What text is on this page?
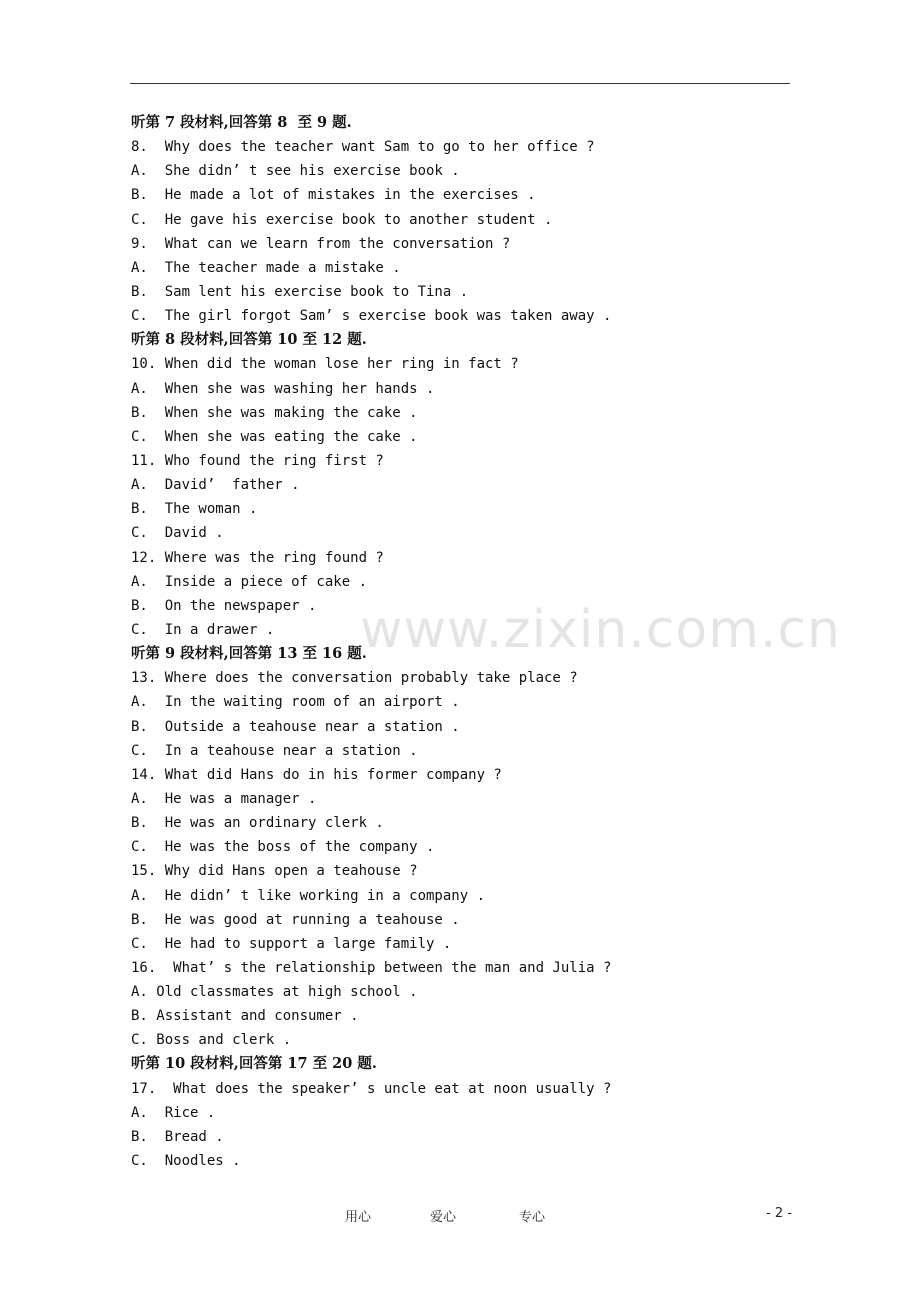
www.zixin.com.cn
听第 7 段材料,回答第 8  至 9 题.
8.  Why does the teacher want Sam to go to her office ?
A.  She didn’ t see his exercise book .
B.  He made a lot of mistakes in the exercises .
C.  He gave his exercise book to another student .
9.  What can we learn from the conversation ?
A.  The teacher made a mistake .
B.  Sam lent his exercise book to Tina .
C.  The girl forgot Sam’ s exercise book was taken away .
听第 8 段材料,回答第 10 至 12 题.
10. When did the woman lose her ring in fact ?
A.  When she was washing her hands .
B.  When she was making the cake .
C.  When she was eating the cake .
11. Who found the ring first ?
A.  David’  father .
B.  The woman .
C.  David .
12. Where was the ring found ?
A.  Inside a piece of cake .
B.  On the newspaper .
C.  In a drawer .
听第 9 段材料,回答第 13 至 16 题.
13. Where does the conversation probably take place ?
A.  In the waiting room of an airport .
B.  Outside a teahouse near a station .
C.  In a teahouse near a station .
14. What did Hans do in his former company ?
A.  He was a manager .
B.  He was an ordinary clerk .
C.  He was the boss of the company .
15. Why did Hans open a teahouse ?
A.  He didn’ t like working in a company .
B.  He was good at running a teahouse .
C.  He had to support a large family .
16.  What’ s the relationship between the man and Julia ?
A. Old classmates at high school .
B. Assistant and consumer .
C. Boss and clerk .
听第 10 段材料,回答第 17 至 20 题.
17.  What does the speaker’ s uncle eat at noon usually ?
A.  Rice .
B.  Bread .
C.  Noodles .
用心	爱心	专心	- 2 -
